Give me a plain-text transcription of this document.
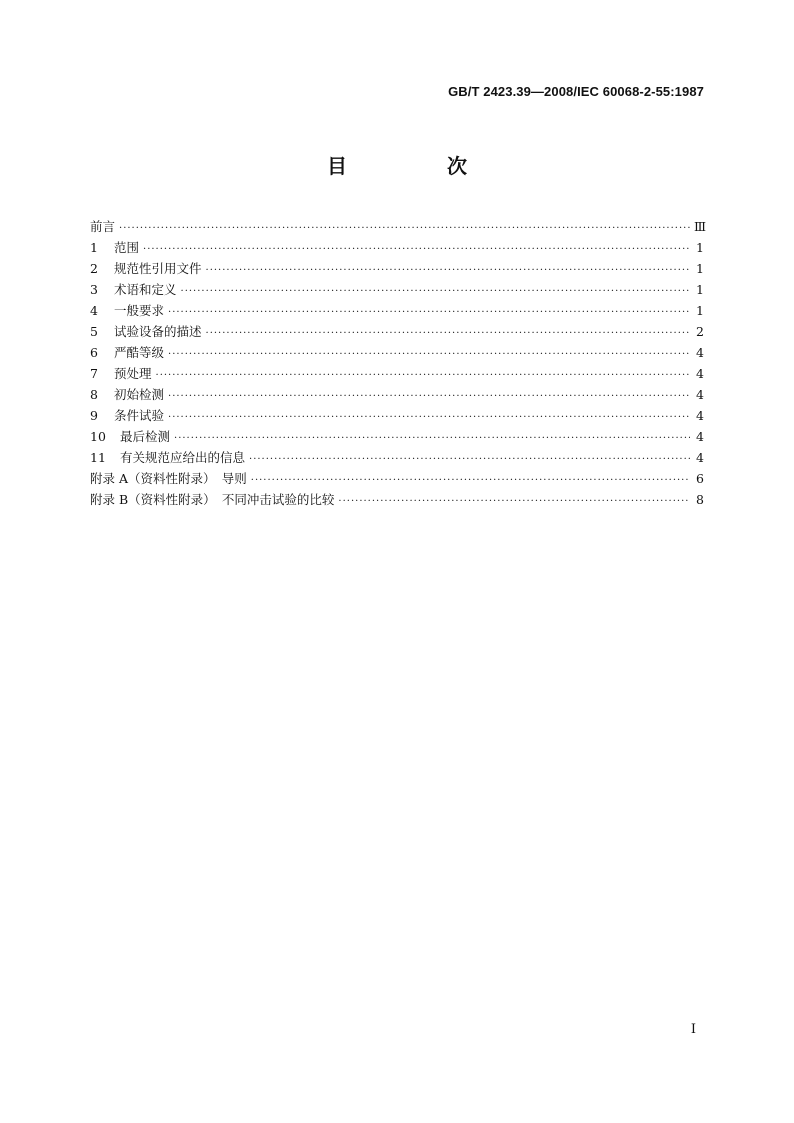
GB/T 2423.39—2008/IEC 60068-2-55:1987
目　次
前言 ·····	Ⅲ
1	范围 ·····	1
2	规范性引用文件 ·····	1
3	术语和定义 ·····	1
4	一般要求 ·····	1
5	试验设备的描述 ·····	2
6	严酷等级 ·····	4
7	预处理 ·····	4
8	初始检测 ·····	4
9	条件试验 ·····	4
10	最后检测 ·····	4
11	有关规范应给出的信息 ·····	4
附录 A（资料性附录）　导则 ·····	6
附录 B（资料性附录）　不同冲击试验的比较 ·····	8
I
